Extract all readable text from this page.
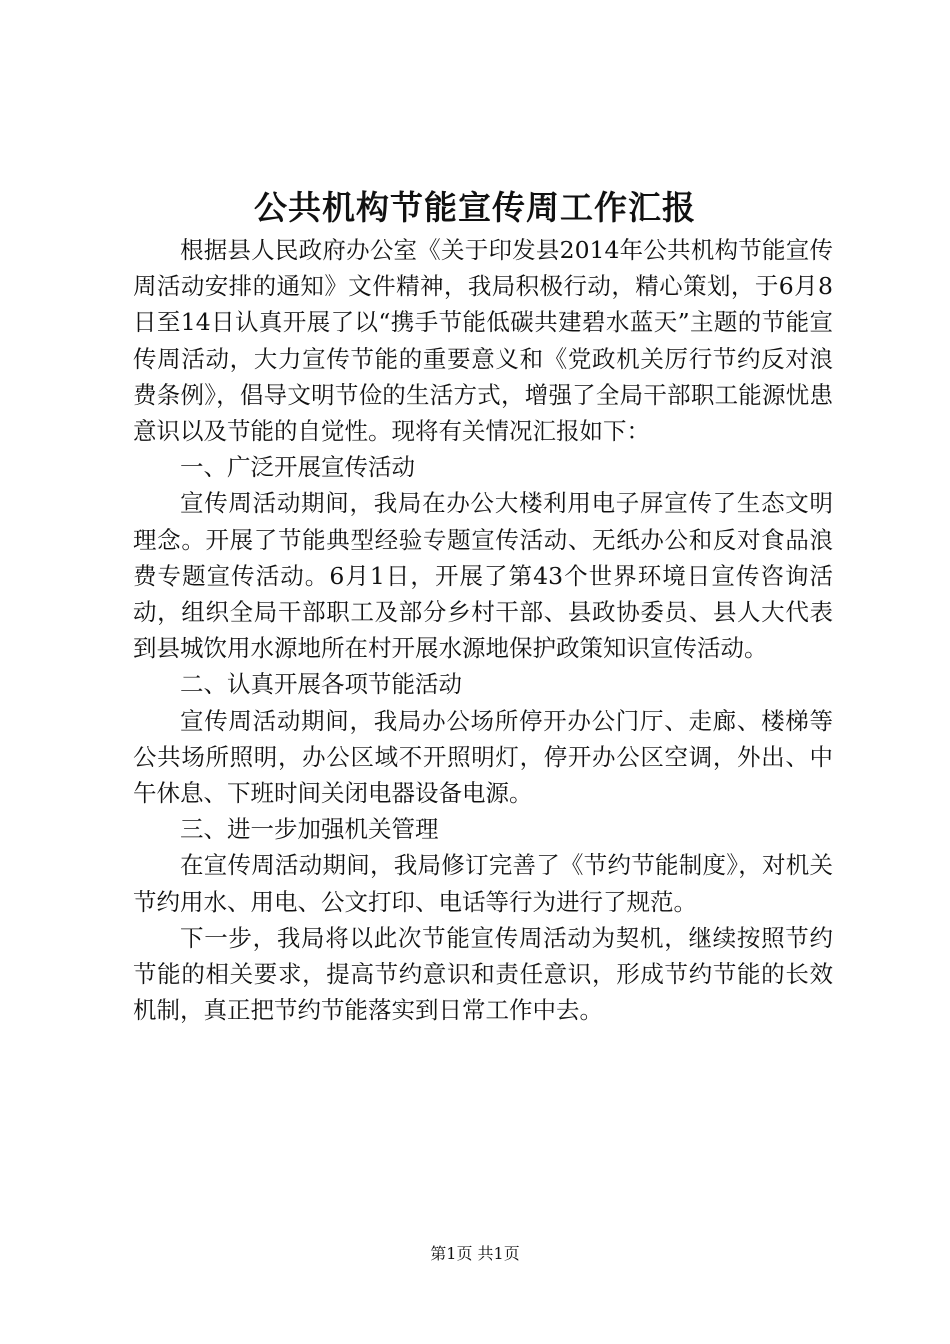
公共机构节能宣传周工作汇报

根据县人民政府办公室《关于印发县2014年公共机构节能宣传周活动安排的通知》文件精神，我局积极行动，精心策划，于6月8日至14日认真开展了以“携手节能低碳共建碧水蓝天”主题的节能宣传周活动，大力宣传节能的重要意义和《党政机关厉行节约反对浪费条例》，倡导文明节俭的生活方式，增强了全局干部职工能源忧患意识以及节能的自觉性。现将有关情况汇报如下：

一、广泛开展宣传活动

宣传周活动期间，我局在办公大楼利用电子屏宣传了生态文明理念。开展了节能典型经验专题宣传活动、无纸办公和反对食品浪费专题宣传活动。6月1日，开展了第43个世界环境日宣传咨询活动，组织全局干部职工及部分乡村干部、县政协委员、县人大代表到县城饮用水源地所在村开展水源地保护政策知识宣传活动。

二、认真开展各项节能活动

宣传周活动期间，我局办公场所停开办公门厅、走廊、楼梯等公共场所照明，办公区域不开照明灯，停开办公区空调，外出、中午休息、下班时间关闭电器设备电源。

三、进一步加强机关管理

在宣传周活动期间，我局修订完善了《节约节能制度》，对机关节约用水、用电、公文打印、电话等行为进行了规范。

下一步，我局将以此次节能宣传周活动为契机，继续按照节约节能的相关要求，提高节约意识和责任意识，形成节约节能的长效机制，真正把节约节能落实到日常工作中去。

第1页 共1页
